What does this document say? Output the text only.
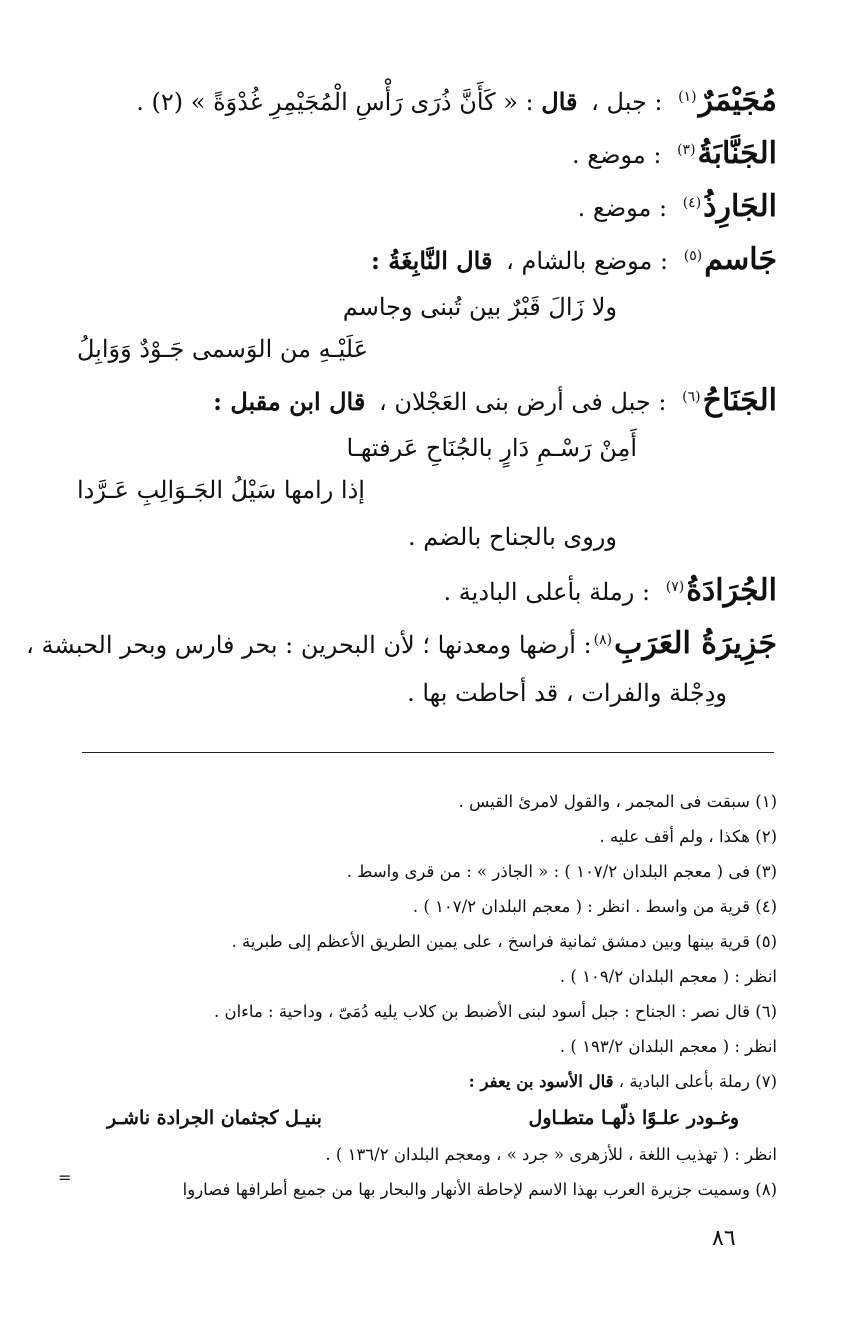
مُجَيْمَرٌ$^{(١)}$ : جبل ، قال : « كَأَنَّ ذُرَى رَأْسِ الْمُجَيْمِرِ غُدْوَةً » (٢) .
الجَنَّابَةُ$^{(٣)}$ : موضع .
الجَارِذُ$^{(٤)}$ : موضع .
جَاسم$^{(٥)}$ : موضع بالشام ، قال النَّابِغَةُ :
ولا زَالَ قَبْرٌ بين تُبنى وجاسم
عَلَيْـهِ من الوَسمى جَـوْدٌ وَوَابِلُ
الجَنَاحُ$^{(٦)}$ : جبل فى أرض بنى العَجْلان ، قال ابن مقبل :
أَمِنْ رَسْـمِ دَارٍ بالجُنَاحِ عَرفتهـا
إذا رامها سَيْلُ الجَـوَالِبِ عَـرَّدا
وروى بالجناح بالضم .
الجُرَادَةُ$^{(٧)}$ : رملة بأعلى البادية .
جَزِيرَةُ العَرَبِ$^{(٨)}$: أرضها ومعدنها ؛ لأن البحرين : بحر فارس وبحر الحبشة ،
ودِجْلة والفرات ، قد أحاطت بها .
(١) سبقت فى المجمر ، والقول لامرئ القيس .
(٢) هكذا ، ولم أقف عليه .
(٣) فى ( معجم البلدان ١٠٧/٢ ) : « الجاذر » : من قرى واسط .
(٤) قرية من واسط . انظر : ( معجم البلدان ١٠٧/٢ ) .
(٥) قرية بينها وبين دمشق ثمانية فراسخ ، على يمين الطريق الأعظم إلى طبرية .
انظر : ( معجم البلدان ١٠٩/٢ ) .
(٦) قال نصر : الجناح : جبل أسود لبنى الأضبط بن كلاب يليه دُمَىّ ، وداحية : ماءان .
انظر : ( معجم البلدان ١٩٣/٢ ) .
(٧) رملة بأعلى البادية ، قال الأسود بن يعفر :
وغـودر علـوًا ذلّهـا متطـاول
بنيـل كجثمان الجرادة ناشـر
انظر : ( تهذيب اللغة ، للأزهرى « جرد » ، ومعجم البلدان ١٣٦/٢ ) .
(٨) وسميت جزيرة العرب بهذا الاسم لإحاطة الأنهار والبحار بها من جميع أطرافها فصاروا
=
٨٦
